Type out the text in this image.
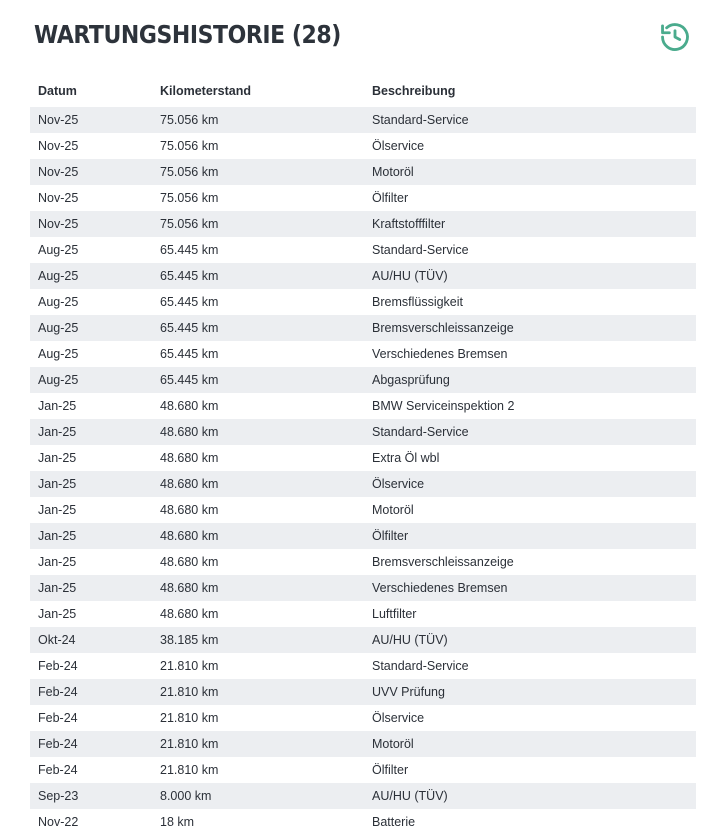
WARTUNGSHISTORIE (28)
Datum	Kilometerstand	Beschreibung
Nov-25	75.056 km	Standard-Service
Nov-25	75.056 km	Ölservice
Nov-25	75.056 km	Motoröl
Nov-25	75.056 km	Ölfilter
Nov-25	75.056 km	Kraftstofffilter
Aug-25	65.445 km	Standard-Service
Aug-25	65.445 km	AU/HU (TÜV)
Aug-25	65.445 km	Bremsflüssigkeit
Aug-25	65.445 km	Bremsverschleissanzeige
Aug-25	65.445 km	Verschiedenes Bremsen
Aug-25	65.445 km	Abgasprüfung
Jan-25	48.680 km	BMW Serviceinspektion 2
Jan-25	48.680 km	Standard-Service
Jan-25	48.680 km	Extra Öl wbl
Jan-25	48.680 km	Ölservice
Jan-25	48.680 km	Motoröl
Jan-25	48.680 km	Ölfilter
Jan-25	48.680 km	Bremsverschleissanzeige
Jan-25	48.680 km	Verschiedenes Bremsen
Jan-25	48.680 km	Luftfilter
Okt-24	38.185 km	AU/HU (TÜV)
Feb-24	21.810 km	Standard-Service
Feb-24	21.810 km	UVV Prüfung
Feb-24	21.810 km	Ölservice
Feb-24	21.810 km	Motoröl
Feb-24	21.810 km	Ölfilter
Sep-23	8.000 km	AU/HU (TÜV)
Nov-22	18 km	Batterie
